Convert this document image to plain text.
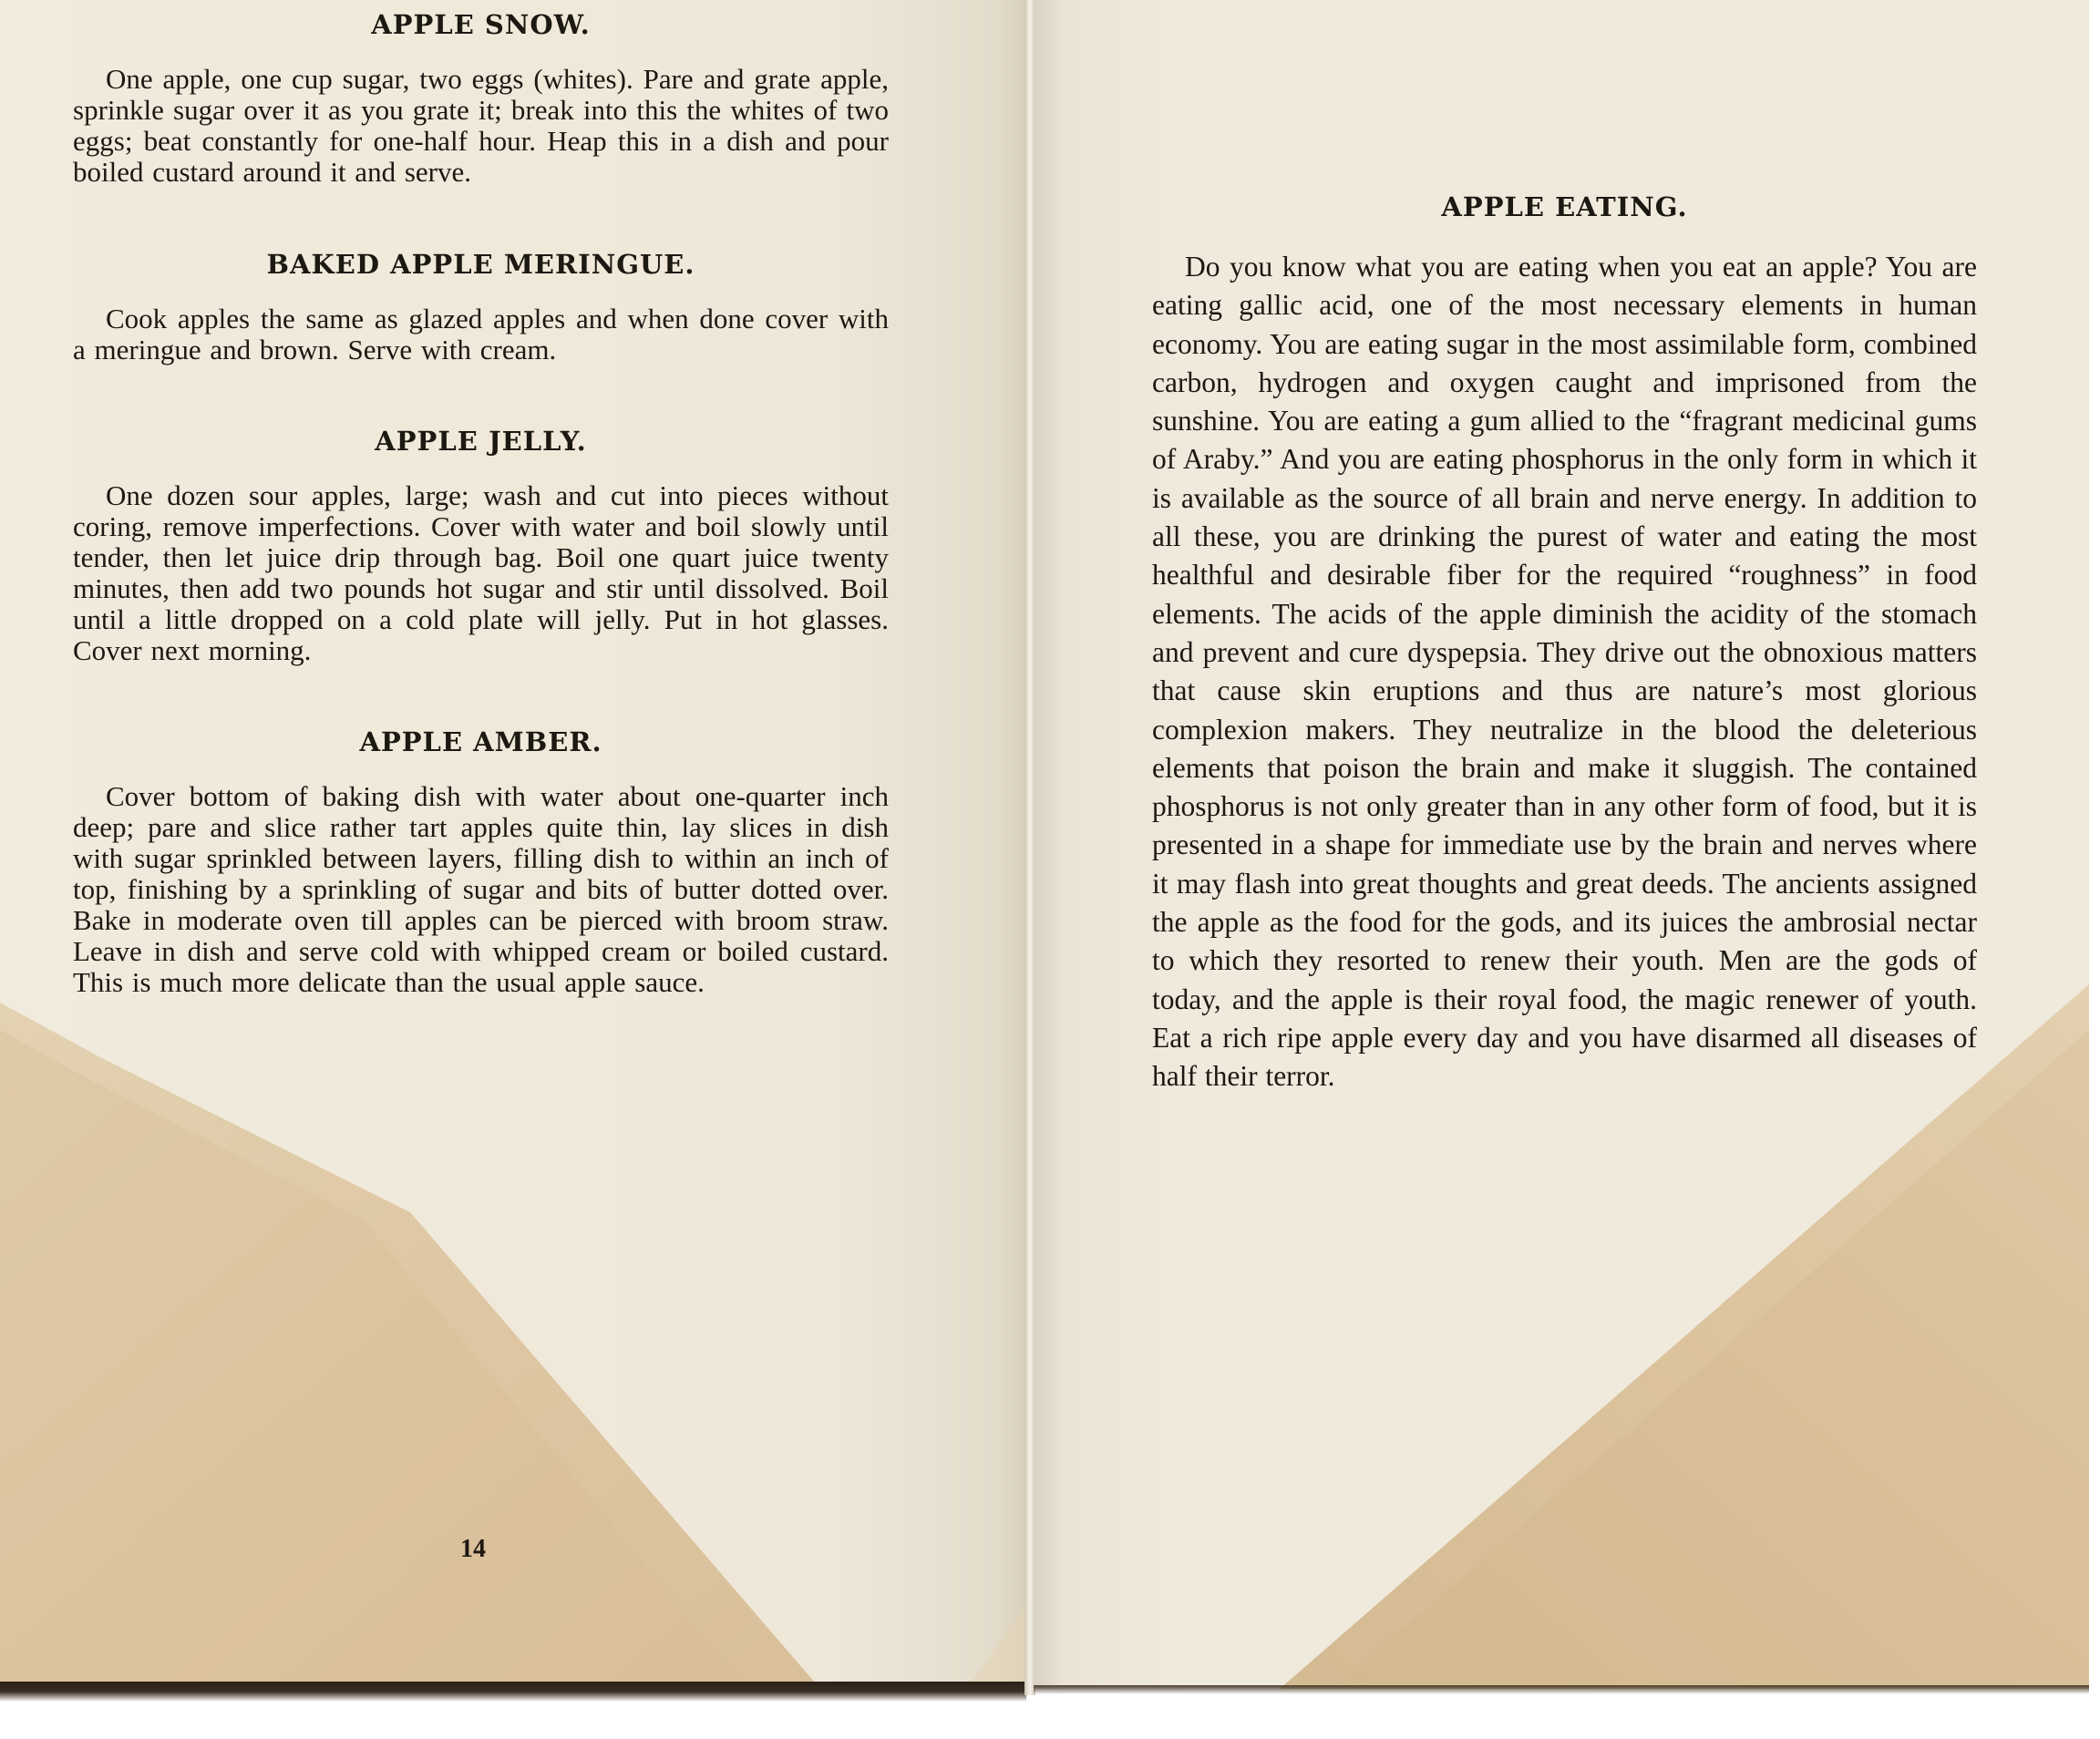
APPLE SNOW.

One apple, one cup sugar, two eggs (whites). Pare and grate apple, sprinkle sugar over it as you grate it; break into this the whites of two eggs; beat constantly for one-half hour. Heap this in a dish and pour boiled custard around it and serve.

BAKED APPLE MERINGUE.

Cook apples the same as glazed apples and when done cover with a meringue and brown. Serve with cream.

APPLE JELLY.

One dozen sour apples, large; wash and cut into pieces without coring, remove imperfections. Cover with water and boil slowly until tender, then let juice drip through bag. Boil one quart juice twenty minutes, then add two pounds hot sugar and stir until dissolved. Boil until a little dropped on a cold plate will jelly. Put in hot glasses. Cover next morning.

APPLE AMBER.

Cover bottom of baking dish with water about one-quarter inch deep; pare and slice rather tart apples quite thin, lay slices in dish with sugar sprinkled between layers, filling dish to within an inch of top, finishing by a sprinkling of sugar and bits of butter dotted over. Bake in moderate oven till apples can be pierced with broom straw. Leave in dish and serve cold with whipped cream or boiled custard. This is much more delicate than the usual apple sauce.

14
APPLE EATING.

Do you know what you are eating when you eat an apple? You are eating gallic acid, one of the most necessary elements in human economy. You are eating sugar in the most assimilable form, combined carbon, hydrogen and oxygen caught and imprisoned from the sunshine. You are eating a gum allied to the “fragrant medicinal gums of Araby.” And you are eating phosphorus in the only form in which it is available as the source of all brain and nerve energy. In addition to all these, you are drinking the purest of water and eating the most healthful and desirable fiber for the required “roughness” in food elements. The acids of the apple diminish the acidity of the stomach and prevent and cure dyspepsia. They drive out the obnoxious matters that cause skin eruptions and thus are nature’s most glorious complexion makers. They neutralize in the blood the deleterious elements that poison the brain and make it sluggish. The contained phosphorus is not only greater than in any other form of food, but it is presented in a shape for immediate use by the brain and nerves where it may flash into great thoughts and great deeds. The ancients assigned the apple as the food for the gods, and its juices the ambrosial nectar to which they resorted to renew their youth. Men are the gods of today, and the apple is their royal food, the magic renewer of youth. Eat a rich ripe apple every day and you have disarmed all diseases of half their terror.
